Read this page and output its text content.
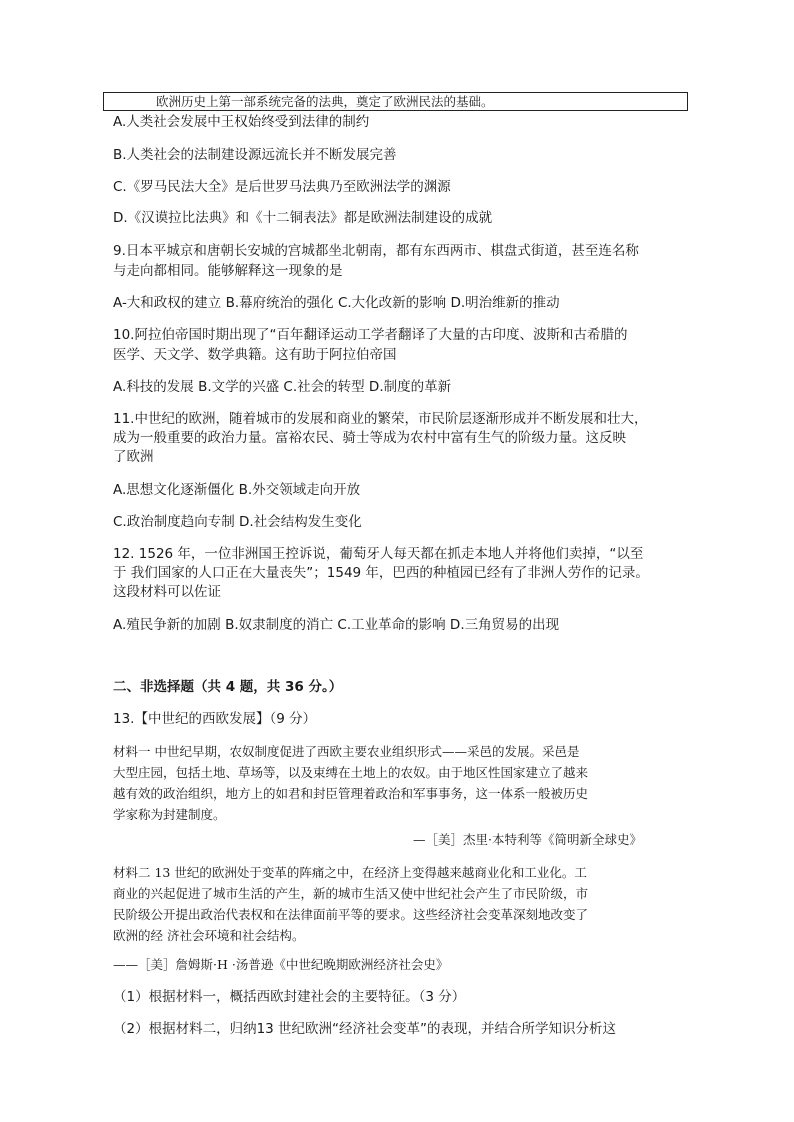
欧洲历史上第一部系统完备的法典，奠定了欧洲民法的基础。
A.人类社会发展中王权始终受到法律的制约
B.人类社会的法制建设源远流长并不断发展完善
C.《罗马民法大全》是后世罗马法典乃至欧洲法学的渊源
D.《汉谟拉比法典》和《十二铜表法》都是欧洲法制建设的成就
9.日本平城京和唐朝长安城的宫城都坐北朝南，都有东西两市、棋盘式街道，甚至连名称
与走向都相同。能够解释这一现象的是
A-大和政权的建立 B.幕府统治的强化 C.大化改新的影响 D.明治维新的推动
10.阿拉伯帝国时期出现了“百年翻译运动工学者翻译了大量的古印度、波斯和古希腊的
医学、天文学、数学典籍。这有助于阿拉伯帝国
A.科技的发展 B.文学的兴盛 C.社会的转型 D.制度的革新
11.中世纪的欧洲，随着城市的发展和商业的繁荣，市民阶层逐渐形成并不断发展和壮大，
成为一般重要的政治力量。富裕农民、骑士等成为农村中富有生气的阶级力量。这反映
了欧洲
A.思想文化逐渐僵化 B.外交领域走向开放
C.政治制度趋向专制 D.社会结构发生变化
12. 1526 年，一位非洲国王控诉说，葡萄牙人每天都在抓走本地人并将他们卖掉，“以至
于 我们国家的人口正在大量丧失”；1549 年，巴西的种植园已经有了非洲人劳作的记录。
这段材料可以佐证
A.殖民争新的加剧 B.奴隶制度的消亡 C.工业革命的影响 D.三角贸易的出现
二、非选择题（共 4 题，共 36 分。）
13.【中世纪的西欧发展】（9 分）
材料一 中世纪早期，农奴制度促进了西欧主要农业组织形式——采邑的发展。采邑是
大型庄园，包括土地、草场等，以及束缚在土地上的农奴。由于地区性国家建立了越来
越有效的政治组织，地方上的如君和封臣管理着政治和军事事务，这一体系一般被历史
学家称为封建制度。
—［美］杰里·本特利等《简明新全球史》
材料二 13 世纪的欧洲处于变革的阵痛之中，在经济上变得越来越商业化和工业化。工
商业的兴起促进了城市生活的产生，新的城市生活又使中世纪社会产生了市民阶级，市
民阶级公开提出政治代表权和在法律面前平等的要求。这些经济社会变革深刻地改变了
欧洲的经 济社会环境和社会结构。
——［美］詹姆斯·H ·汤普逊《中世纪晚期欧洲经济社会史》
（1）根据材料一，概括西欧封建社会的主要特征。（3 分）
（2）根据材料二，归纳13 世纪欧洲“经济社会变革”的表现，并结合所学知识分析这
